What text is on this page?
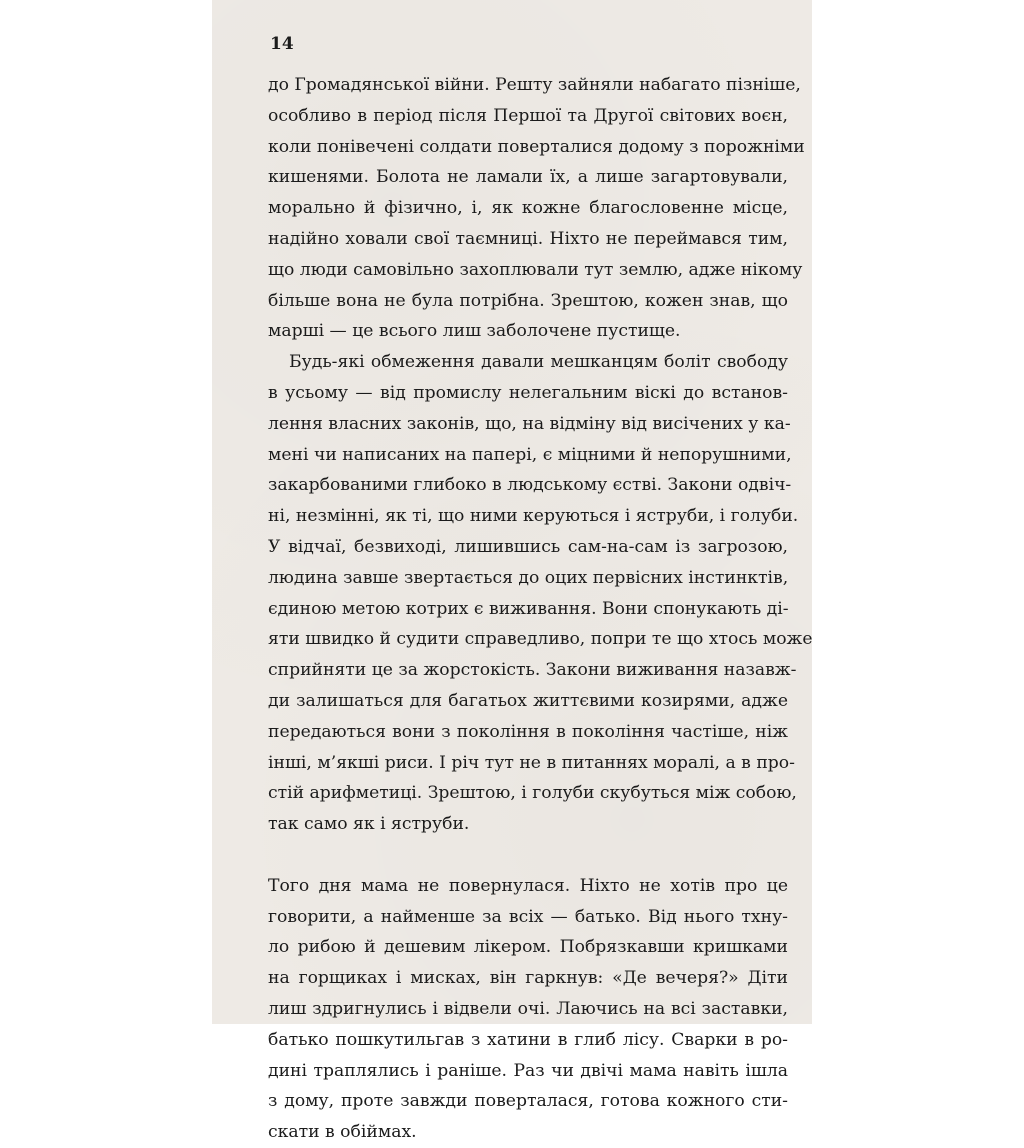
14

до Громадянської війни. Решту зайняли набагато пізніше,
особливо в період після Першої та Другої світових воєн,
коли понівечені солдати поверталися додому з порожніми
кишенями. Болота не ламали їх, а лише загартовували,
морально й фізично, і, як кожне благословенне місце,
надійно ховали свої таємниці. Ніхто не переймався тим,
що люди самовільно захоплювали тут землю, адже нікому
більше вона не була потрібна. Зрештою, кожен знав, що
марші — це всього лиш заболочене пустище.

Будь-які обмеження давали мешканцям боліт свободу
в усьому — від промислу нелегальним віскі до встанов-
лення власних законів, що, на відміну від висічених у ка-
мені чи написаних на папері, є міцними й непорушними,
закарбованими глибоко в людському єстві. Закони одвіч-
ні, незмінні, як ті, що ними керуються і яструби, і голуби.
У відчаї, безвиході, лишившись сам-на-сам із загрозою,
людина завше звертається до оцих первісних інстинктів,
єдиною метою котрих є виживання. Вони спонукають ді-
яти швидко й судити справедливо, попри те що хтось може
сприйняти це за жорстокість. Закони виживання назавж-
ди залишаться для багатьох життєвими козирями, адже
передаються вони з покоління в покоління частіше, ніж
інші, м’якші риси. І річ тут не в питаннях моралі, а в про-
стій арифметиці. Зрештою, і голуби скубуться між собою,
так само як і яструби.

Того дня мама не повернулася. Ніхто не хотів про це
говорити, а найменше за всіх — батько. Від нього тхну-
ло рибою й дешевим лікером. Побрязкавши кришками
на горщиках і мисках, він гаркнув: «Де вечеря?» Діти
лиш здригнулись і відвели очі. Лаючись на всі заставки,
батько пошкутильгав з хатини в глиб лісу. Сварки в ро-
дині траплялись і раніше. Раз чи двічі мама навіть ішла
з дому, проте завжди поверталася, готова кожного сти-
скати в обіймах.
